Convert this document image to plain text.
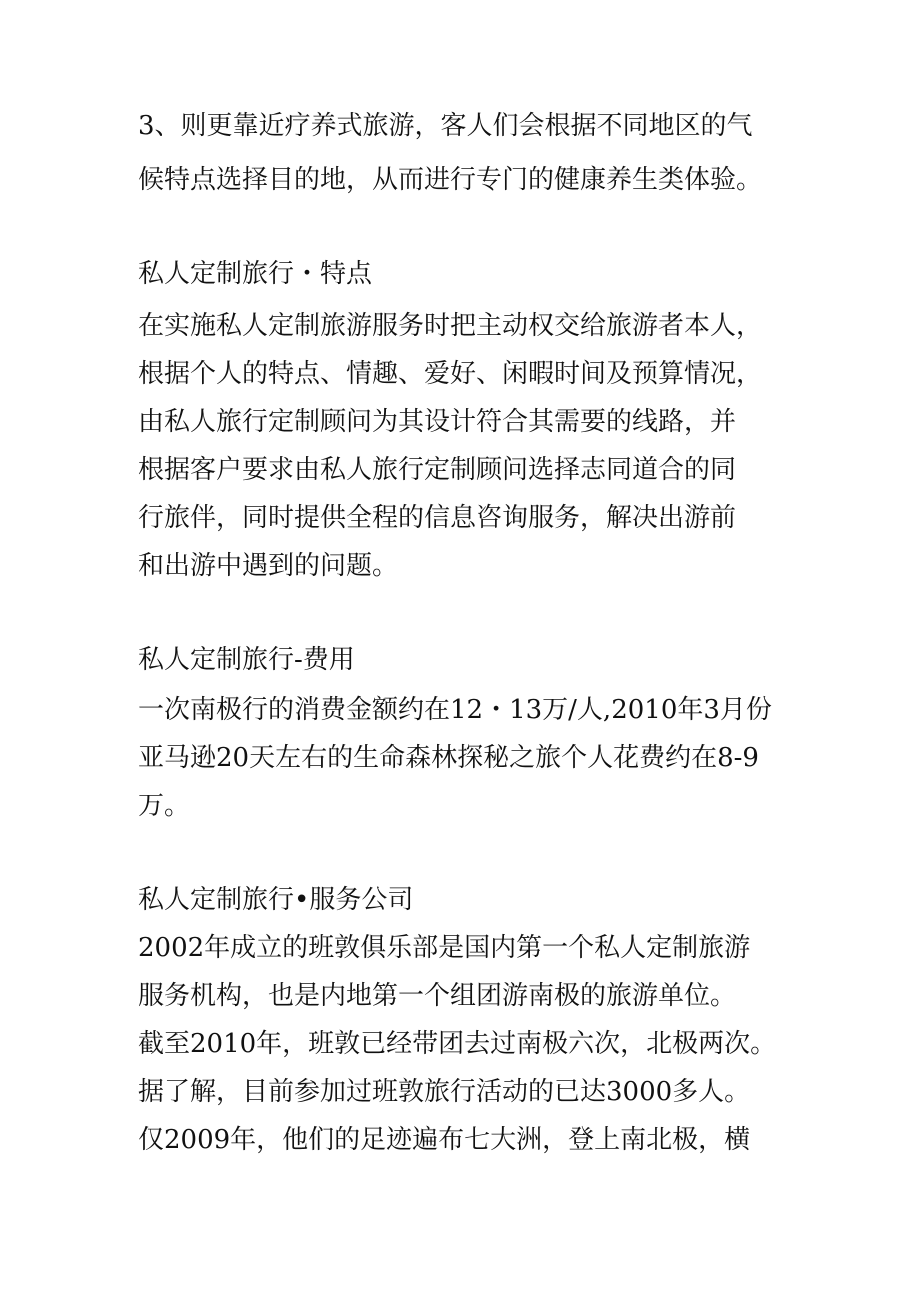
3、则更靠近疗养式旅游，客人们会根据不同地区的气
候特点选择目的地，从而进行专门的健康养生类体验。
私人定制旅行・特点
在实施私人定制旅游服务时把主动权交给旅游者本人，
根据个人的特点、情趣、爱好、闲暇时间及预算情况，
由私人旅行定制顾问为其设计符合其需要的线路，并
根据客户要求由私人旅行定制顾问选择志同道合的同
行旅伴，同时提供全程的信息咨询服务，解决出游前
和出游中遇到的问题。
私人定制旅行-费用
一次南极行的消费金额约在12・13万/人,2010年3月份
亚马逊20天左右的生命森林探秘之旅个人花费约在8-9
万。
私人定制旅行•服务公司
2002年成立的班敦俱乐部是国内第一个私人定制旅游
服务机构，也是内地第一个组团游南极的旅游单位。
截至2010年，班敦已经带团去过南极六次，北极两次。
据了解，目前参加过班敦旅行活动的已达3000多人。
仅2009年，他们的足迹遍布七大洲，登上南北极，横
